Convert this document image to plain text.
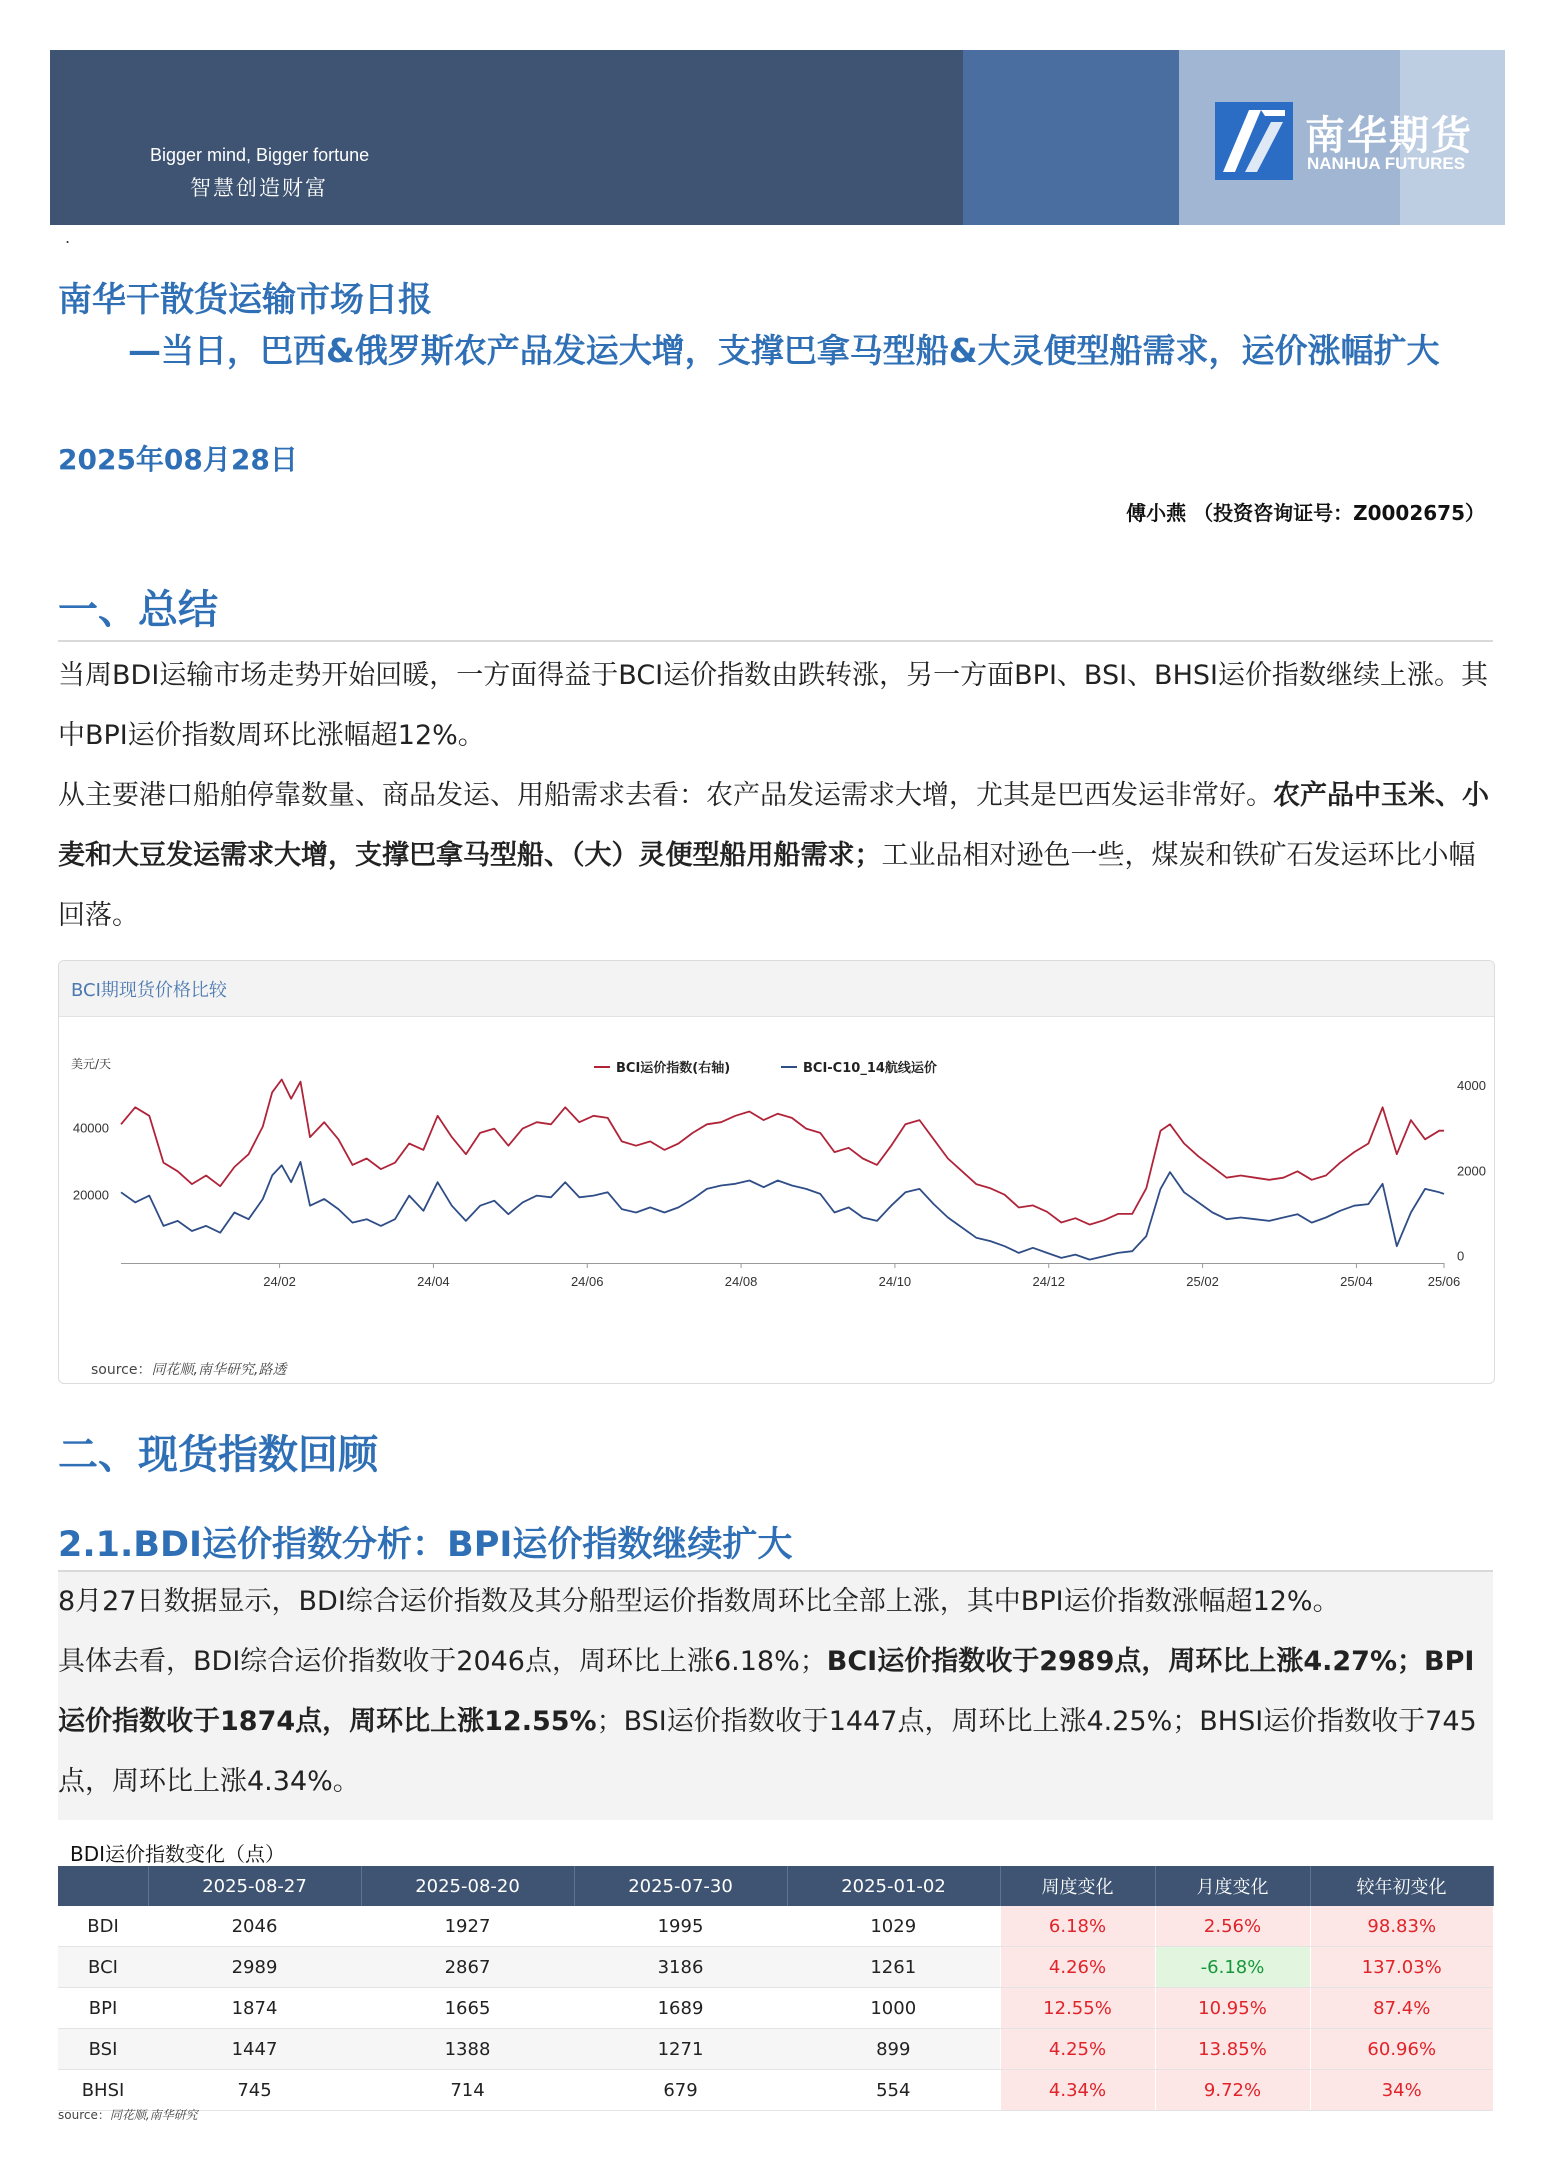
Bigger mind, Bigger fortune
智慧创造财富
南华期货
NANHUA FUTURES
.
南华干散货运输市场日报
—当日，巴西&俄罗斯农产品发运大增，支撑巴拿马型船&大灵便型船需求，运价涨幅扩大
2025年08月28日
傅小燕 （投资咨询证号：Z0002675）
一、总结
当周BDI运输市场走势开始回暖，一方面得益于BCI运价指数由跌转涨，另一方面BPI、BSI、BHSI运价指数继续上涨。其中BPI运价指数周环比涨幅超12%。
从主要港口船舶停靠数量、商品发运、用船需求去看：农产品发运需求大增，尤其是巴西发运非常好。农产品中玉米、小麦和大豆发运需求大增，支撑巴拿马型船、（大）灵便型船用船需求；工业品相对逊色一些，煤炭和铁矿石发运环比小幅回落。
BCI期现货价格比较
美元/天
20000
40000
0
2000
4000
24/02	24/04	24/06	24/08	24/10	24/12	25/02	25/04	25/06
BCI运价指数(右轴)	BCI-C10_14航线运价
source：同花顺,南华研究,路透
二、现货指数回顾
2.1.BDI运价指数分析：BPI运价指数继续扩大
8月27日数据显示，BDI综合运价指数及其分船型运价指数周环比全部上涨，其中BPI运价指数涨幅超12%。
具体去看，BDI综合运价指数收于2046点，周环比上涨6.18%；BCI运价指数收于2989点，周环比上涨4.27%；BPI运价指数收于1874点，周环比上涨12.55%；BSI运价指数收于1447点，周环比上涨4.25%；BHSI运价指数收于745点，周环比上涨4.34%。
BDI运价指数变化（点）
	2025-08-27	2025-08-20	2025-07-30	2025-01-02	周度变化	月度变化	较年初变化
BDI	2046	1927	1995	1029	6.18%	2.56%	98.83%
BCI	2989	2867	3186	1261	4.26%	-6.18%	137.03%
BPI	1874	1665	1689	1000	12.55%	10.95%	87.4%
BSI	1447	1388	1271	899	4.25%	13.85%	60.96%
BHSI	745	714	679	554	4.34%	9.72%	34%
source：同花顺,南华研究
